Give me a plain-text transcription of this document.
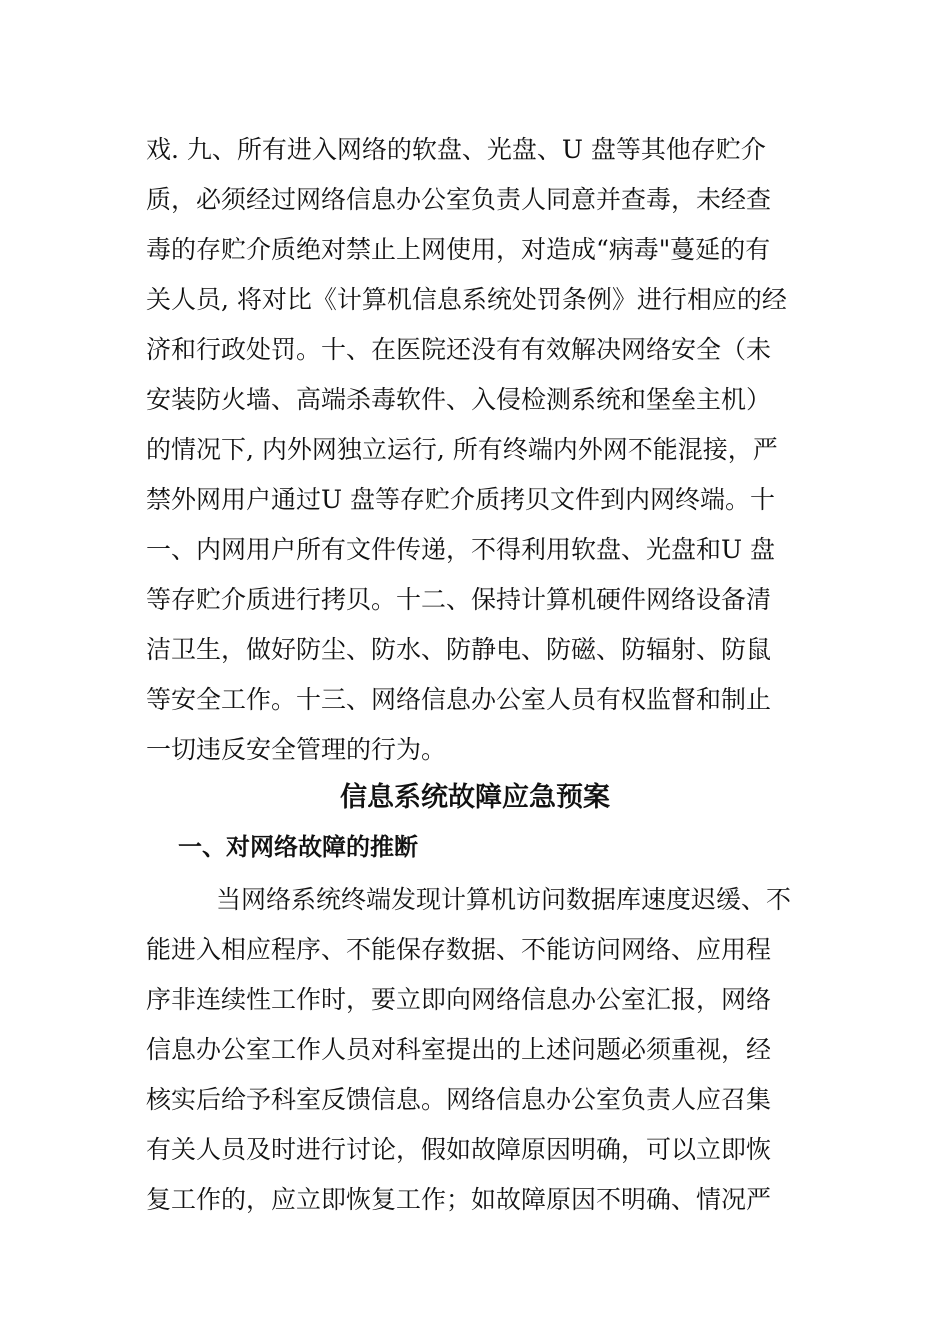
戏. 九、所有进入网络的软盘、光盘、U 盘等其他存贮介
质，必须经过网络信息办公室负责人同意并查毒，未经查
毒的存贮介质绝对禁止上网使用，对造成“病毒"蔓延的有
关人员, 将对比《计算机信息系统处罚条例》进行相应的经
济和行政处罚。十、在医院还没有有效解决网络安全（未
安装防火墙、高端杀毒软件、入侵检测系统和堡垒主机）
的情况下, 内外网独立运行, 所有终端内外网不能混接，严
禁外网用户通过U 盘等存贮介质拷贝文件到内网终端。十
一、内网用户所有文件传递，不得利用软盘、光盘和U 盘
等存贮介质进行拷贝。十二、保持计算机硬件网络设备清
洁卫生，做好防尘、防水、防静电、防磁、防辐射、防鼠
等安全工作。十三、网络信息办公室人员有权监督和制止
一切违反安全管理的行为。
信息系统故障应急预案
一、对网络故障的推断
当网络系统终端发现计算机访问数据库速度迟缓、不
能进入相应程序、不能保存数据、不能访问网络、应用程
序非连续性工作时，要立即向网络信息办公室汇报，网络
信息办公室工作人员对科室提出的上述问题必须重视，经
核实后给予科室反馈信息。网络信息办公室负责人应召集
有关人员及时进行讨论，假如故障原因明确，可以立即恢
复工作的，应立即恢复工作；如故障原因不明确、情况严
